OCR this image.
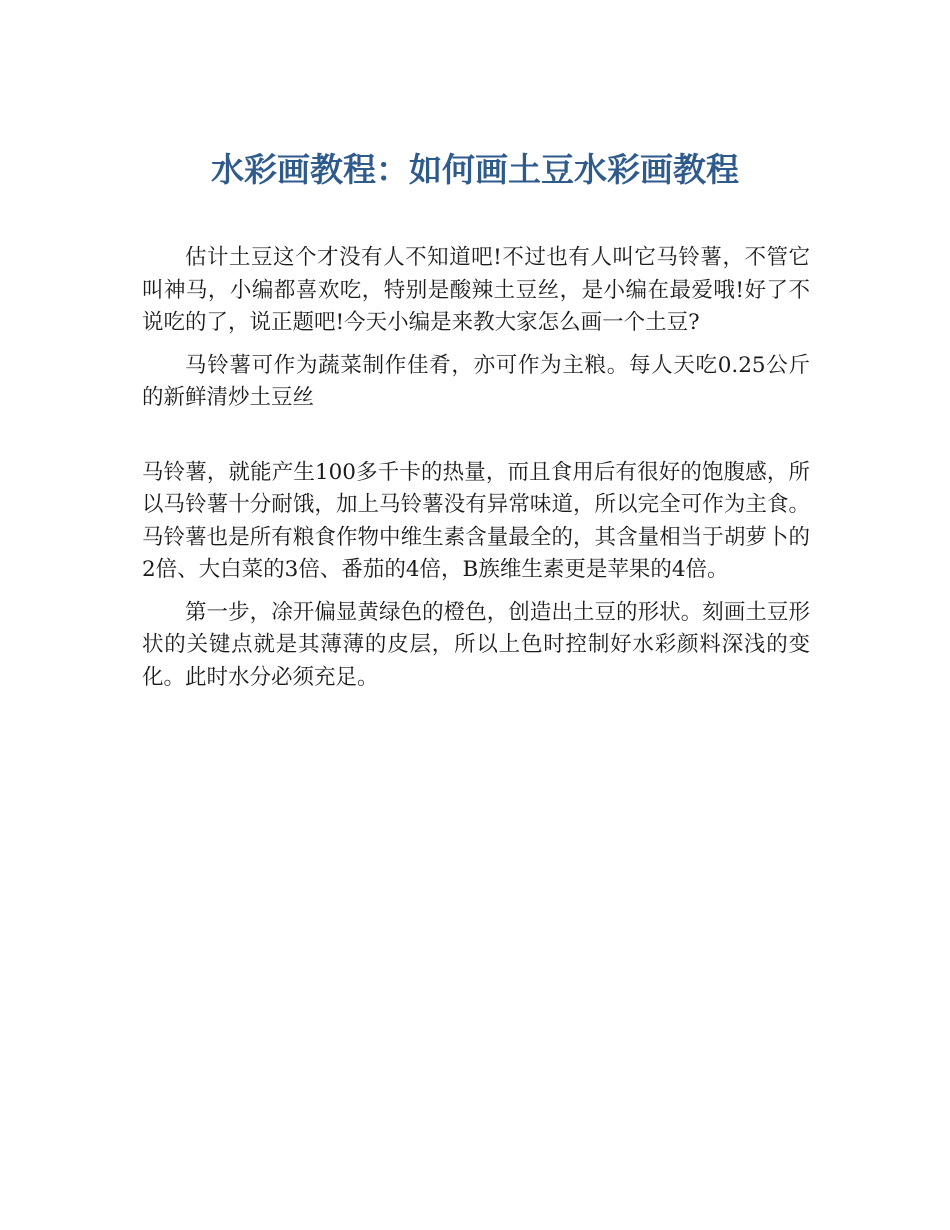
水彩画教程：如何画土豆水彩画教程

估计土豆这个才没有人不知道吧!不过也有人叫它马铃薯，不管它叫神马，小编都喜欢吃，特别是酸辣土豆丝，是小编在最爱哦!好了不说吃的了，说正题吧!今天小编是来教大家怎么画一个土豆?

马铃薯可作为蔬菜制作佳肴，亦可作为主粮。每人天吃0.25公斤的新鲜清炒土豆丝

马铃薯，就能产生100多千卡的热量，而且食用后有很好的饱腹感，所以马铃薯十分耐饿，加上马铃薯没有异常味道，所以完全可作为主食。马铃薯也是所有粮食作物中维生素含量最全的，其含量相当于胡萝卜的2倍、大白菜的3倍、番茄的4倍，B族维生素更是苹果的4倍。

第一步，凃开偏显黄绿色的橙色，创造出土豆的形状。刻画土豆形状的关键点就是其薄薄的皮层，所以上色时控制好水彩颜料深浅的变化。此时水分必须充足。
